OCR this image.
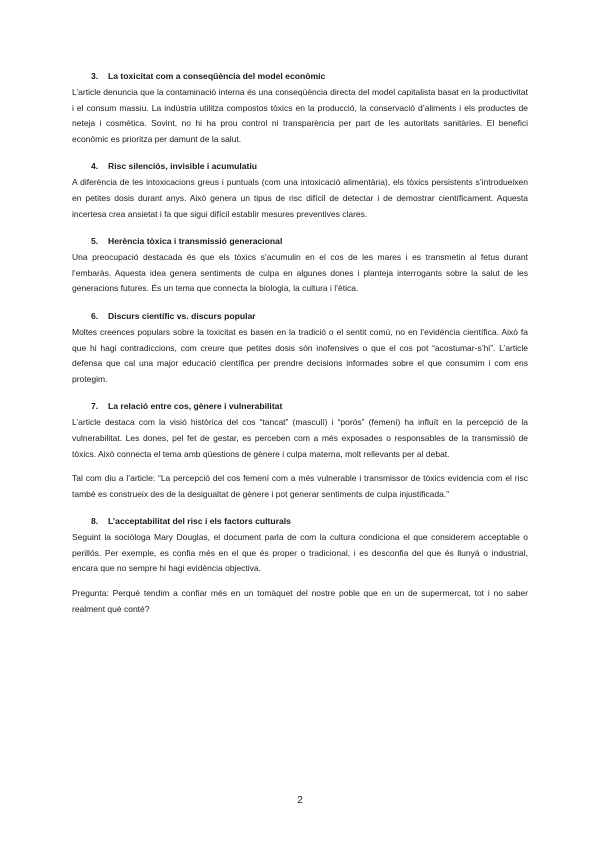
3. La toxicitat com a conseqüència del model econòmic

L’article denuncia que la contaminació interna és una conseqüència directa del model capitalista basat en la productivitat i el consum massiu. La indústria utilitza compostos tòxics en la producció, la conservació d’aliments i els productes de neteja i cosmètica. Sovint, no hi ha prou control ni transparència per part de les autoritats sanitàries. El benefici econòmic es prioritza per damunt de la salut.

4. Risc silenciós, invisible i acumulatiu

A diferència de les intoxicacions greus i puntuals (com una intoxicació alimentària), els tòxics persistents s’introdueixen en petites dosis durant anys. Això genera un tipus de risc difícil de detectar i de demostrar científicament. Aquesta incertesa crea ansietat i fa que sigui difícil establir mesures preventives clares.

5. Herència tòxica i transmissió generacional

Una preocupació destacada és que els tòxics s’acumulin en el cos de les mares i es transmetin al fetus durant l’embaràs. Aquesta idea genera sentiments de culpa en algunes dones i planteja interrogants sobre la salut de les generacions futures. És un tema que connecta la biologia, la cultura i l’ètica.

6. Discurs científic vs. discurs popular

Moltes creences populars sobre la toxicitat es basen en la tradició o el sentit comú, no en l’evidència científica. Això fa que hi hagi contradiccions, com creure que petites dosis són inofensives o que el cos pot “acostumar-s’hi”. L’article defensa que cal una major educació científica per prendre decisions informades sobre el que consumim i com ens protegim.

7. La relació entre cos, gènere i vulnerabilitat

L’article destaca com la visió històrica del cos “tancat” (masculí) i “porós” (femení) ha influït en la percepció de la vulnerabilitat. Les dones, pel fet de gestar, es perceben com a més exposades o responsables de la transmissió de tòxics. Això connecta el tema amb qüestions de gènere i culpa materna, molt rellevants per al debat.

Tal com diu a l’article: “La percepció del cos femení com a més vulnerable i transmissor de tòxics evidencia com el risc també es construeix des de la desigualtat de gènere i pot generar sentiments de culpa injustificada.”

8. L’acceptabilitat del risc i els factors culturals

Seguint la sociòloga Mary Douglas, el document parla de com la cultura condiciona el que considerem acceptable o perillós. Per exemple, es confia més en el que és proper o tradicional, i es desconfia del que és llunyà o industrial, encara que no sempre hi hagi evidència objectiva.

Pregunta: Perquè tendim a confiar més en un tomàquet del nostre poble que en un de supermercat, tot i no saber realment què conté?

2
